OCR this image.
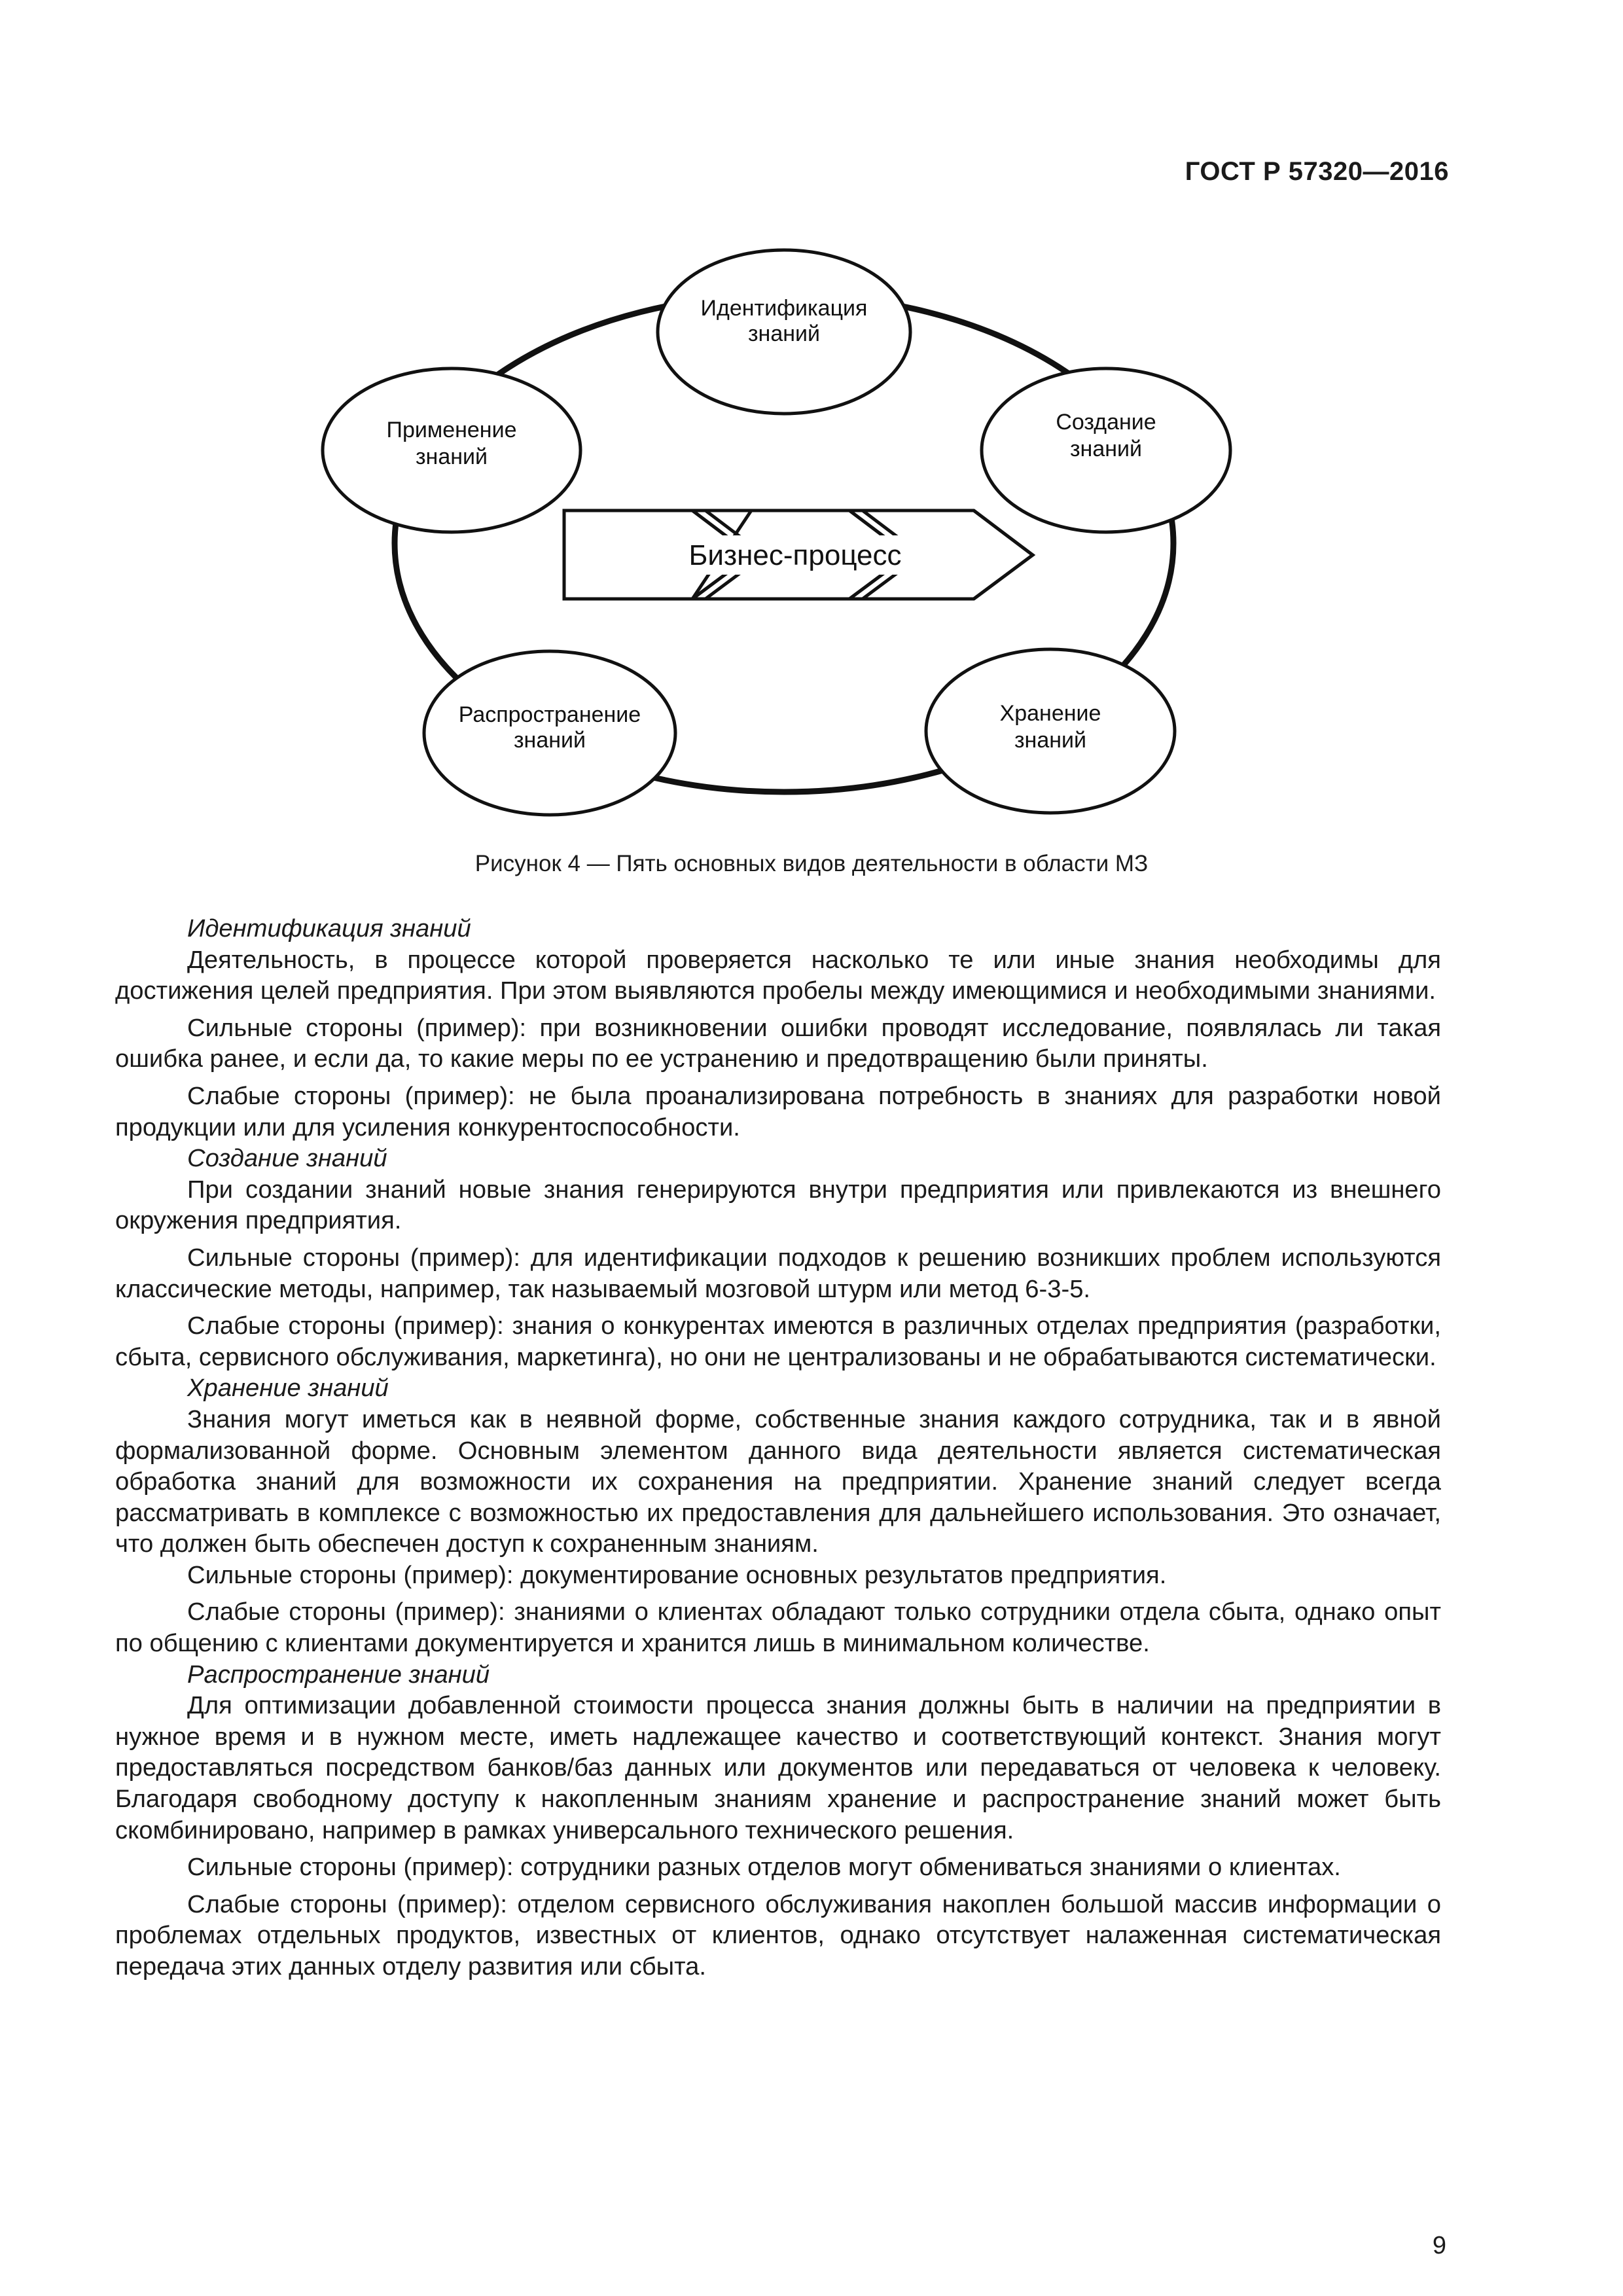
ГОСТ Р 57320—2016
Бизнес-процесс
Идентификация
знаний
Создание
знаний
Применение
знаний
Распространение
знаний
Хранение
знаний
Рисунок 4 — Пять основных видов деятельности в области МЗ

Идентификация знаний

Деятельность, в процессе которой проверяется насколько те или иные знания необходимы для достижения целей предприятия. При этом выявляются пробелы между имеющимися и необходимыми знаниями.

Сильные стороны (пример): при возникновении ошибки проводят исследование, появлялась ли такая ошибка ранее, и если да, то какие меры по ее устранению и предотвращению были приняты.

Слабые стороны (пример): не была проанализирована потребность в знаниях для разработки новой продукции или для усиления конкурентоспособности.

Создание знаний

При создании знаний новые знания генерируются внутри предприятия или привлекаются из внешнего окружения предприятия.

Сильные стороны (пример): для идентификации подходов к решению возникших проблем используются классические методы, например, так называемый мозговой штурм или метод 6-3-5.

Слабые стороны (пример): знания о конкурентах имеются в различных отделах предприятия (разработки, сбыта, сервисного обслуживания, маркетинга), но они не централизованы и не обрабатываются систематически.

Хранение знаний

Знания могут иметься как в неявной форме, собственные знания каждого сотрудника, так и в явной формализованной форме. Основным элементом данного вида деятельности является систематическая обработка знаний для возможности их сохранения на предприятии. Хранение знаний следует всегда рассматривать в комплексе с возможностью их предоставления для дальнейшего использования. Это означает, что должен быть обеспечен доступ к сохраненным знаниям.

Сильные стороны (пример): документирование основных результатов предприятия.

Слабые стороны (пример): знаниями о клиентах обладают только сотрудники отдела сбыта, однако опыт по общению с клиентами документируется и хранится лишь в минимальном количестве.

Распространение знаний

Для оптимизации добавленной стоимости процесса знания должны быть в наличии на предприятии в нужное время и в нужном месте, иметь надлежащее качество и соответствующий контекст. Знания могут предоставляться посредством банков/баз данных или документов или передаваться от человека к человеку. Благодаря свободному доступу к накопленным знаниям хранение и распространение знаний может быть скомбинировано, например в рамках универсального технического решения.

Сильные стороны (пример): сотрудники разных отделов могут обмениваться знаниями о клиентах.

Слабые стороны (пример): отделом сервисного обслуживания накоплен большой массив информации о проблемах отдельных продуктов, известных от клиентов, однако отсутствует налаженная систематическая передача этих данных отделу развития или сбыта.

9
